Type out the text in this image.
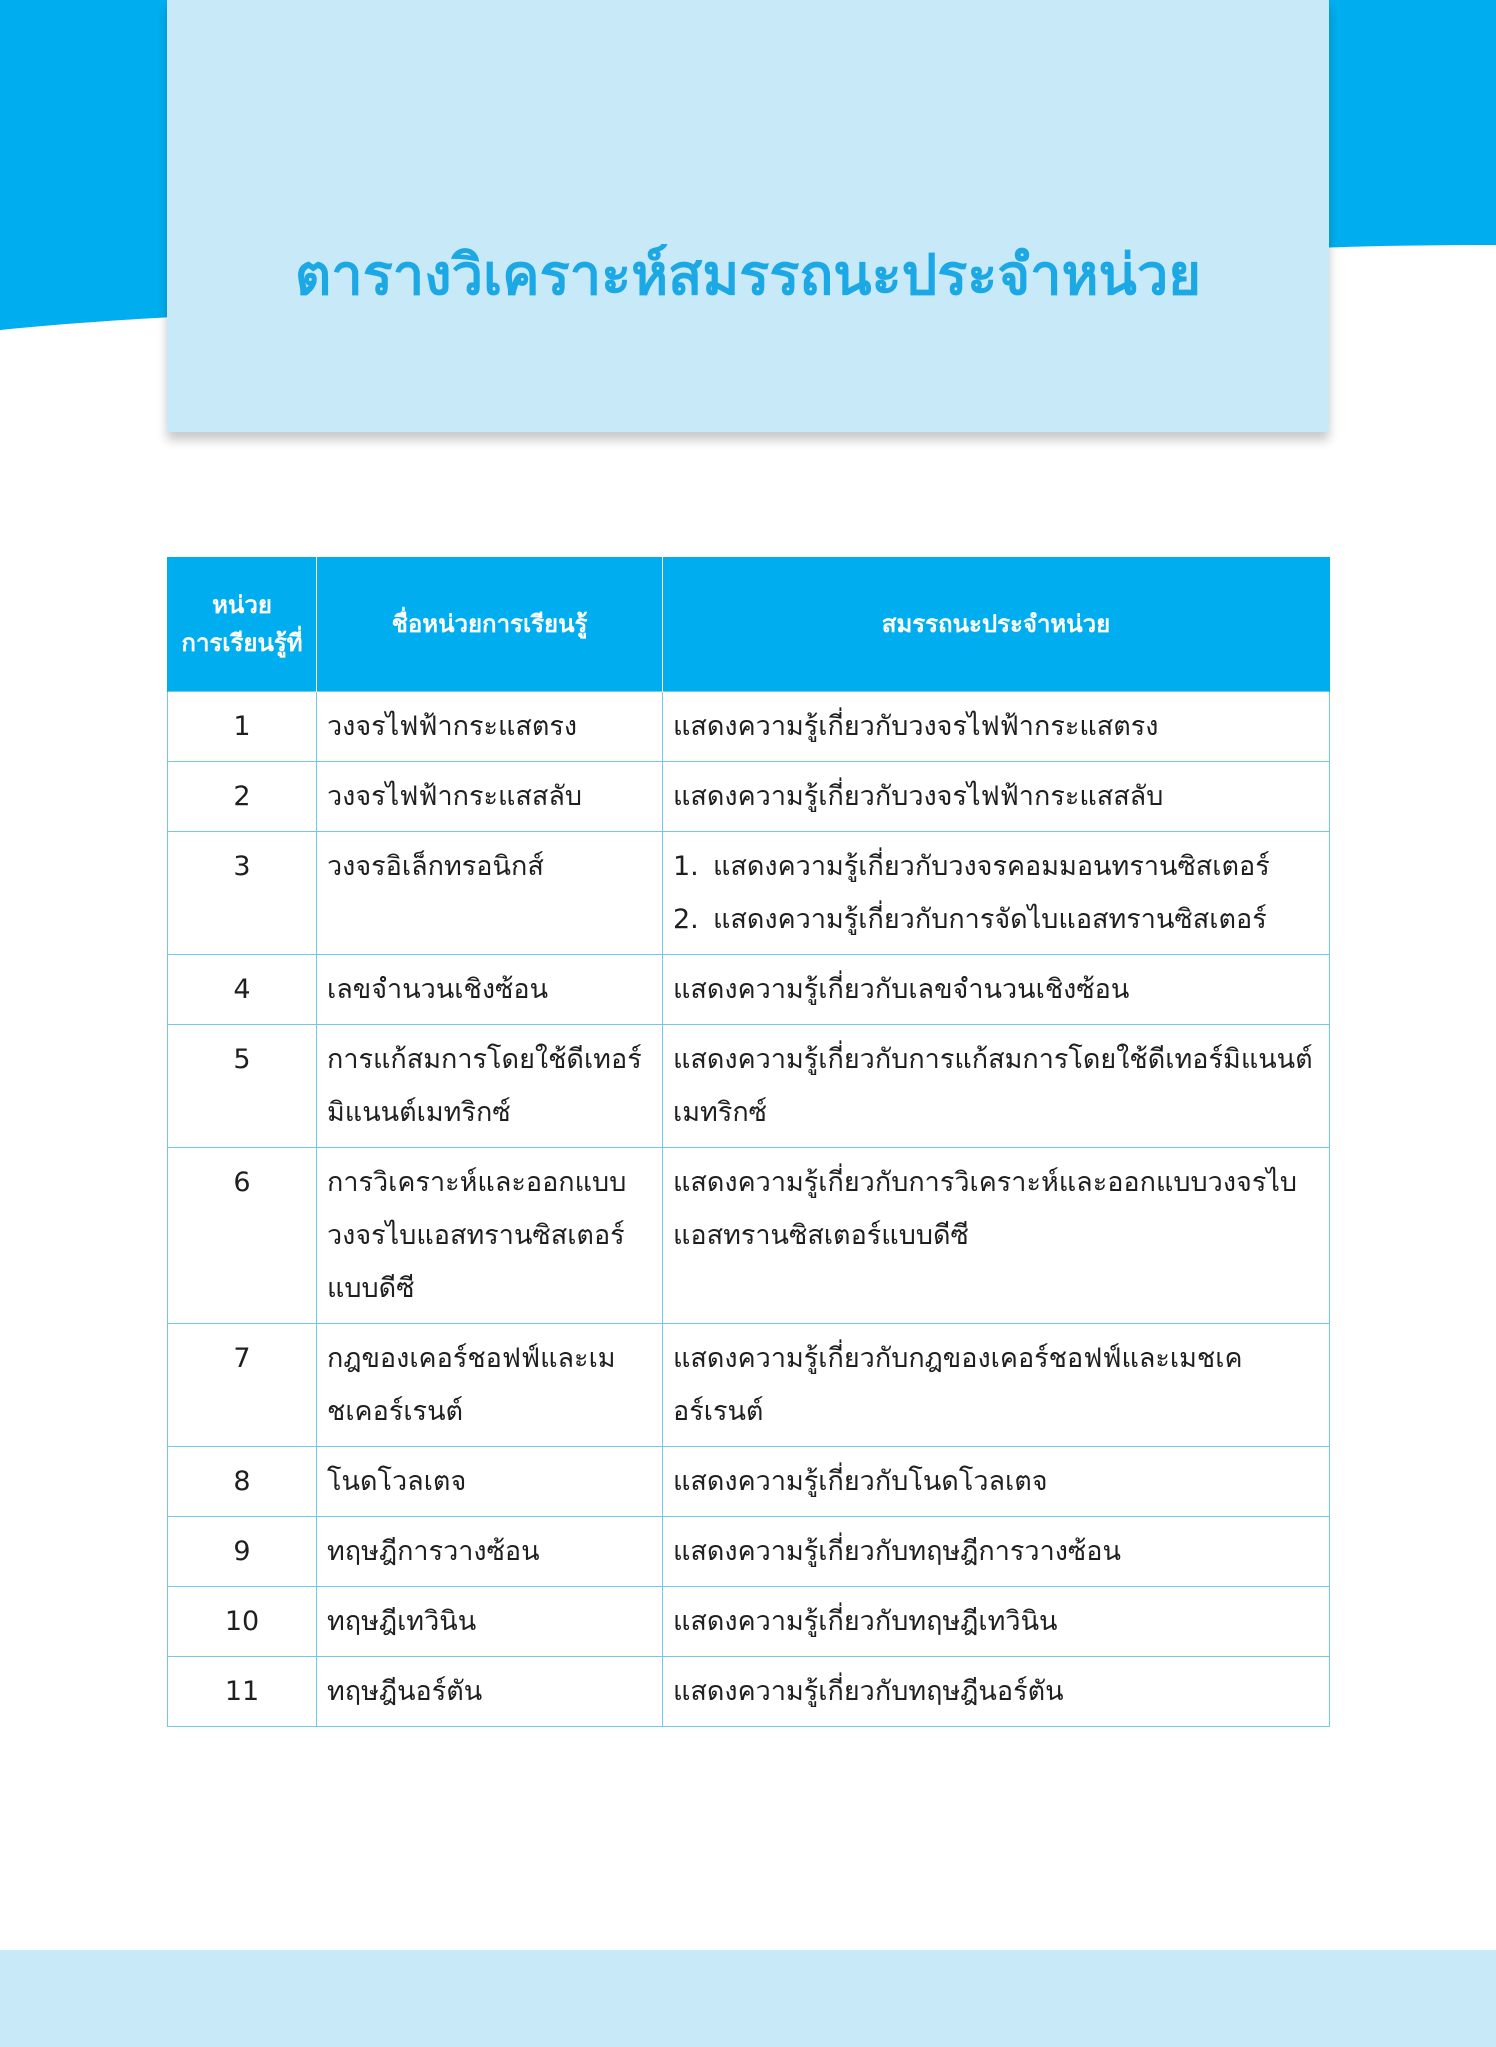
ตารางวิเคราะห์สมรรถนะประจำหน่วย
หน่วย
การเรียนรู้ที่	ชื่อหน่วยการเรียนรู้	สมรรถนะประจำหน่วย
1	วงจรไฟฟ้ากระแสตรง	แสดงความรู้เกี่ยวกับวงจรไฟฟ้ากระแสตรง
2	วงจรไฟฟ้ากระแสสลับ	แสดงความรู้เกี่ยวกับวงจรไฟฟ้ากระแสสลับ
3	วงจรอิเล็กทรอนิกส์	1. แสดงความรู้เกี่ยวกับวงจรคอมมอนทรานซิสเตอร์
2. แสดงความรู้เกี่ยวกับการจัดไบแอสทรานซิสเตอร์

4	เลขจำนวนเชิงซ้อน	แสดงความรู้เกี่ยวกับเลขจำนวนเชิงซ้อน
5	การแก้สมการโดยใช้ดีเทอร์มิแนนต์เมทริกซ์	แสดงความรู้เกี่ยวกับการแก้สมการโดยใช้ดีเทอร์มิแนนต์เมทริกซ์
6	การวิเคราะห์และออกแบบวงจรไบแอสทรานซิสเตอร์แบบดีซี	แสดงความรู้เกี่ยวกับการวิเคราะห์และออกแบบวงจรไบแอสทรานซิสเตอร์แบบดีซี
7	กฎของเคอร์ชอฟฟ์และเมชเคอร์เรนต์	แสดงความรู้เกี่ยวกับกฎของเคอร์ชอฟฟ์และเมชเคอร์เรนต์
8	โนดโวลเตจ	แสดงความรู้เกี่ยวกับโนดโวลเตจ
9	ทฤษฎีการวางซ้อน	แสดงความรู้เกี่ยวกับทฤษฎีการวางซ้อน
10	ทฤษฎีเทวินิน	แสดงความรู้เกี่ยวกับทฤษฎีเทวินิน
11	ทฤษฎีนอร์ตัน	แสดงความรู้เกี่ยวกับทฤษฎีนอร์ตัน
